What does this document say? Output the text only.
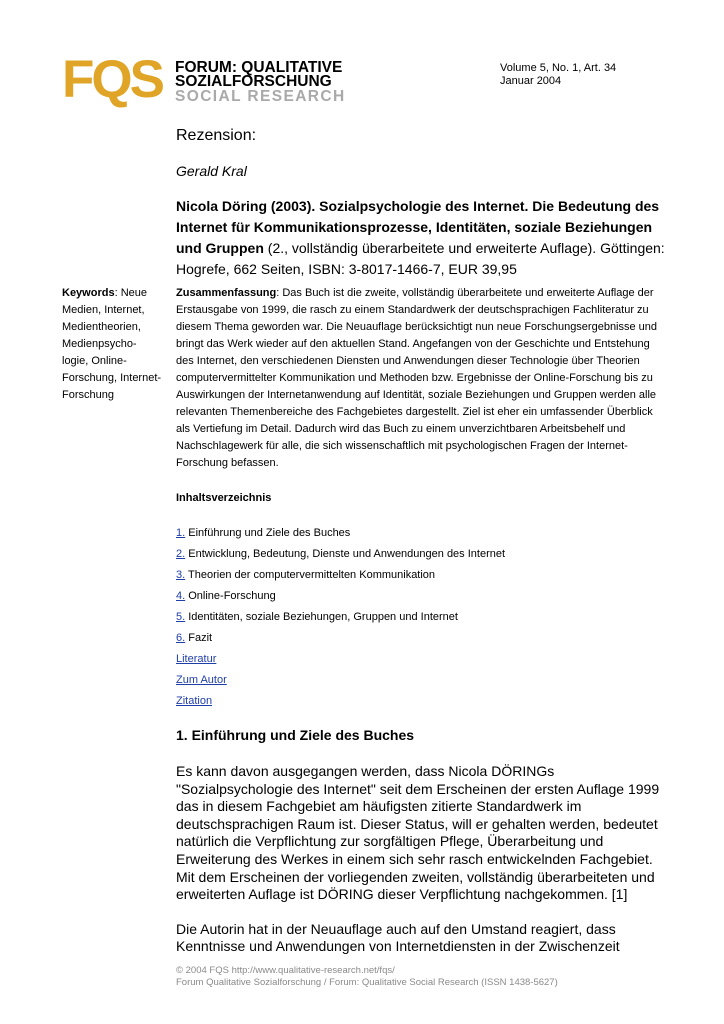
FQS FORUM: QUALITATIVE
SOZIALFORSCHUNG
SOCIAL RESEARCH
Volume 5, No. 1, Art. 34
Januar 2004
Rezension:
Gerald Kral
Nicola Döring (2003). Sozialpsychologie des Internet. Die Bedeutung des Internet für Kommunikationsprozesse, Identitäten, soziale Beziehungen und Gruppen (2., vollständig überarbeitete und erweiterte Auflage). Göttingen: Hogrefe, 662 Seiten, ISBN: 3-8017-1466-7, EUR 39,95
Keywords: Neue Medien, Internet, Medientheorien, Medienpsycho-logie, Online-Forschung, Internet-Forschung
Zusammenfassung: Das Buch ist die zweite, vollständig überarbeitete und erweiterte Auflage der Erstausgabe von 1999, die rasch zu einem Standardwerk der deutschsprachigen Fachliteratur zu diesem Thema geworden war. Die Neuauflage berücksichtigt nun neue Forschungsergebnisse und bringt das Werk wieder auf den aktuellen Stand. Angefangen von der Geschichte und Entstehung des Internet, den verschiedenen Diensten und Anwendungen dieser Technologie über Theorien computervermittelter Kommunikation und Methoden bzw. Ergebnisse der Online-Forschung bis zu Auswirkungen der Internetanwendung auf Identität, soziale Beziehungen und Gruppen werden alle relevanten Themenbereiche des Fachgebietes dargestellt. Ziel ist eher ein umfassender Überblick als Vertiefung im Detail. Dadurch wird das Buch zu einem unverzichtbaren Arbeitsbehelf und Nachschlagewerk für alle, die sich wissenschaftlich mit psychologischen Fragen der Internet-Forschung befassen.
Inhaltsverzeichnis
1. Einführung und Ziele des Buches
2. Entwicklung, Bedeutung, Dienste und Anwendungen des Internet
3. Theorien der computervermittelten Kommunikation
4. Online-Forschung
5. Identitäten, soziale Beziehungen, Gruppen und Internet
6. Fazit
Literatur
Zum Autor
Zitation
1. Einführung und Ziele des Buches

Es kann davon ausgegangen werden, dass Nicola DÖRINGs "Sozialpsychologie des Internet" seit dem Erscheinen der ersten Auflage 1999 das in diesem Fachgebiet am häufigsten zitierte Standardwerk im deutschsprachigen Raum ist. Dieser Status, will er gehalten werden, bedeutet natürlich die Verpflichtung zur sorgfältigen Pflege, Überarbeitung und Erweiterung des Werkes in einem sich sehr rasch entwickelnden Fachgebiet. Mit dem Erscheinen der vorliegenden zweiten, vollständig überarbeiteten und erweiterten Auflage ist DÖRING dieser Verpflichtung nachgekommen. [1]

Die Autorin hat in der Neuauflage auch auf den Umstand reagiert, dass Kenntnisse und Anwendungen von Internetdiensten in der Zwischenzeit

© 2004 FQS http://www.qualitative-research.net/fqs/
Forum Qualitative Sozialforschung / Forum: Qualitative Social Research (ISSN 1438-5627)
